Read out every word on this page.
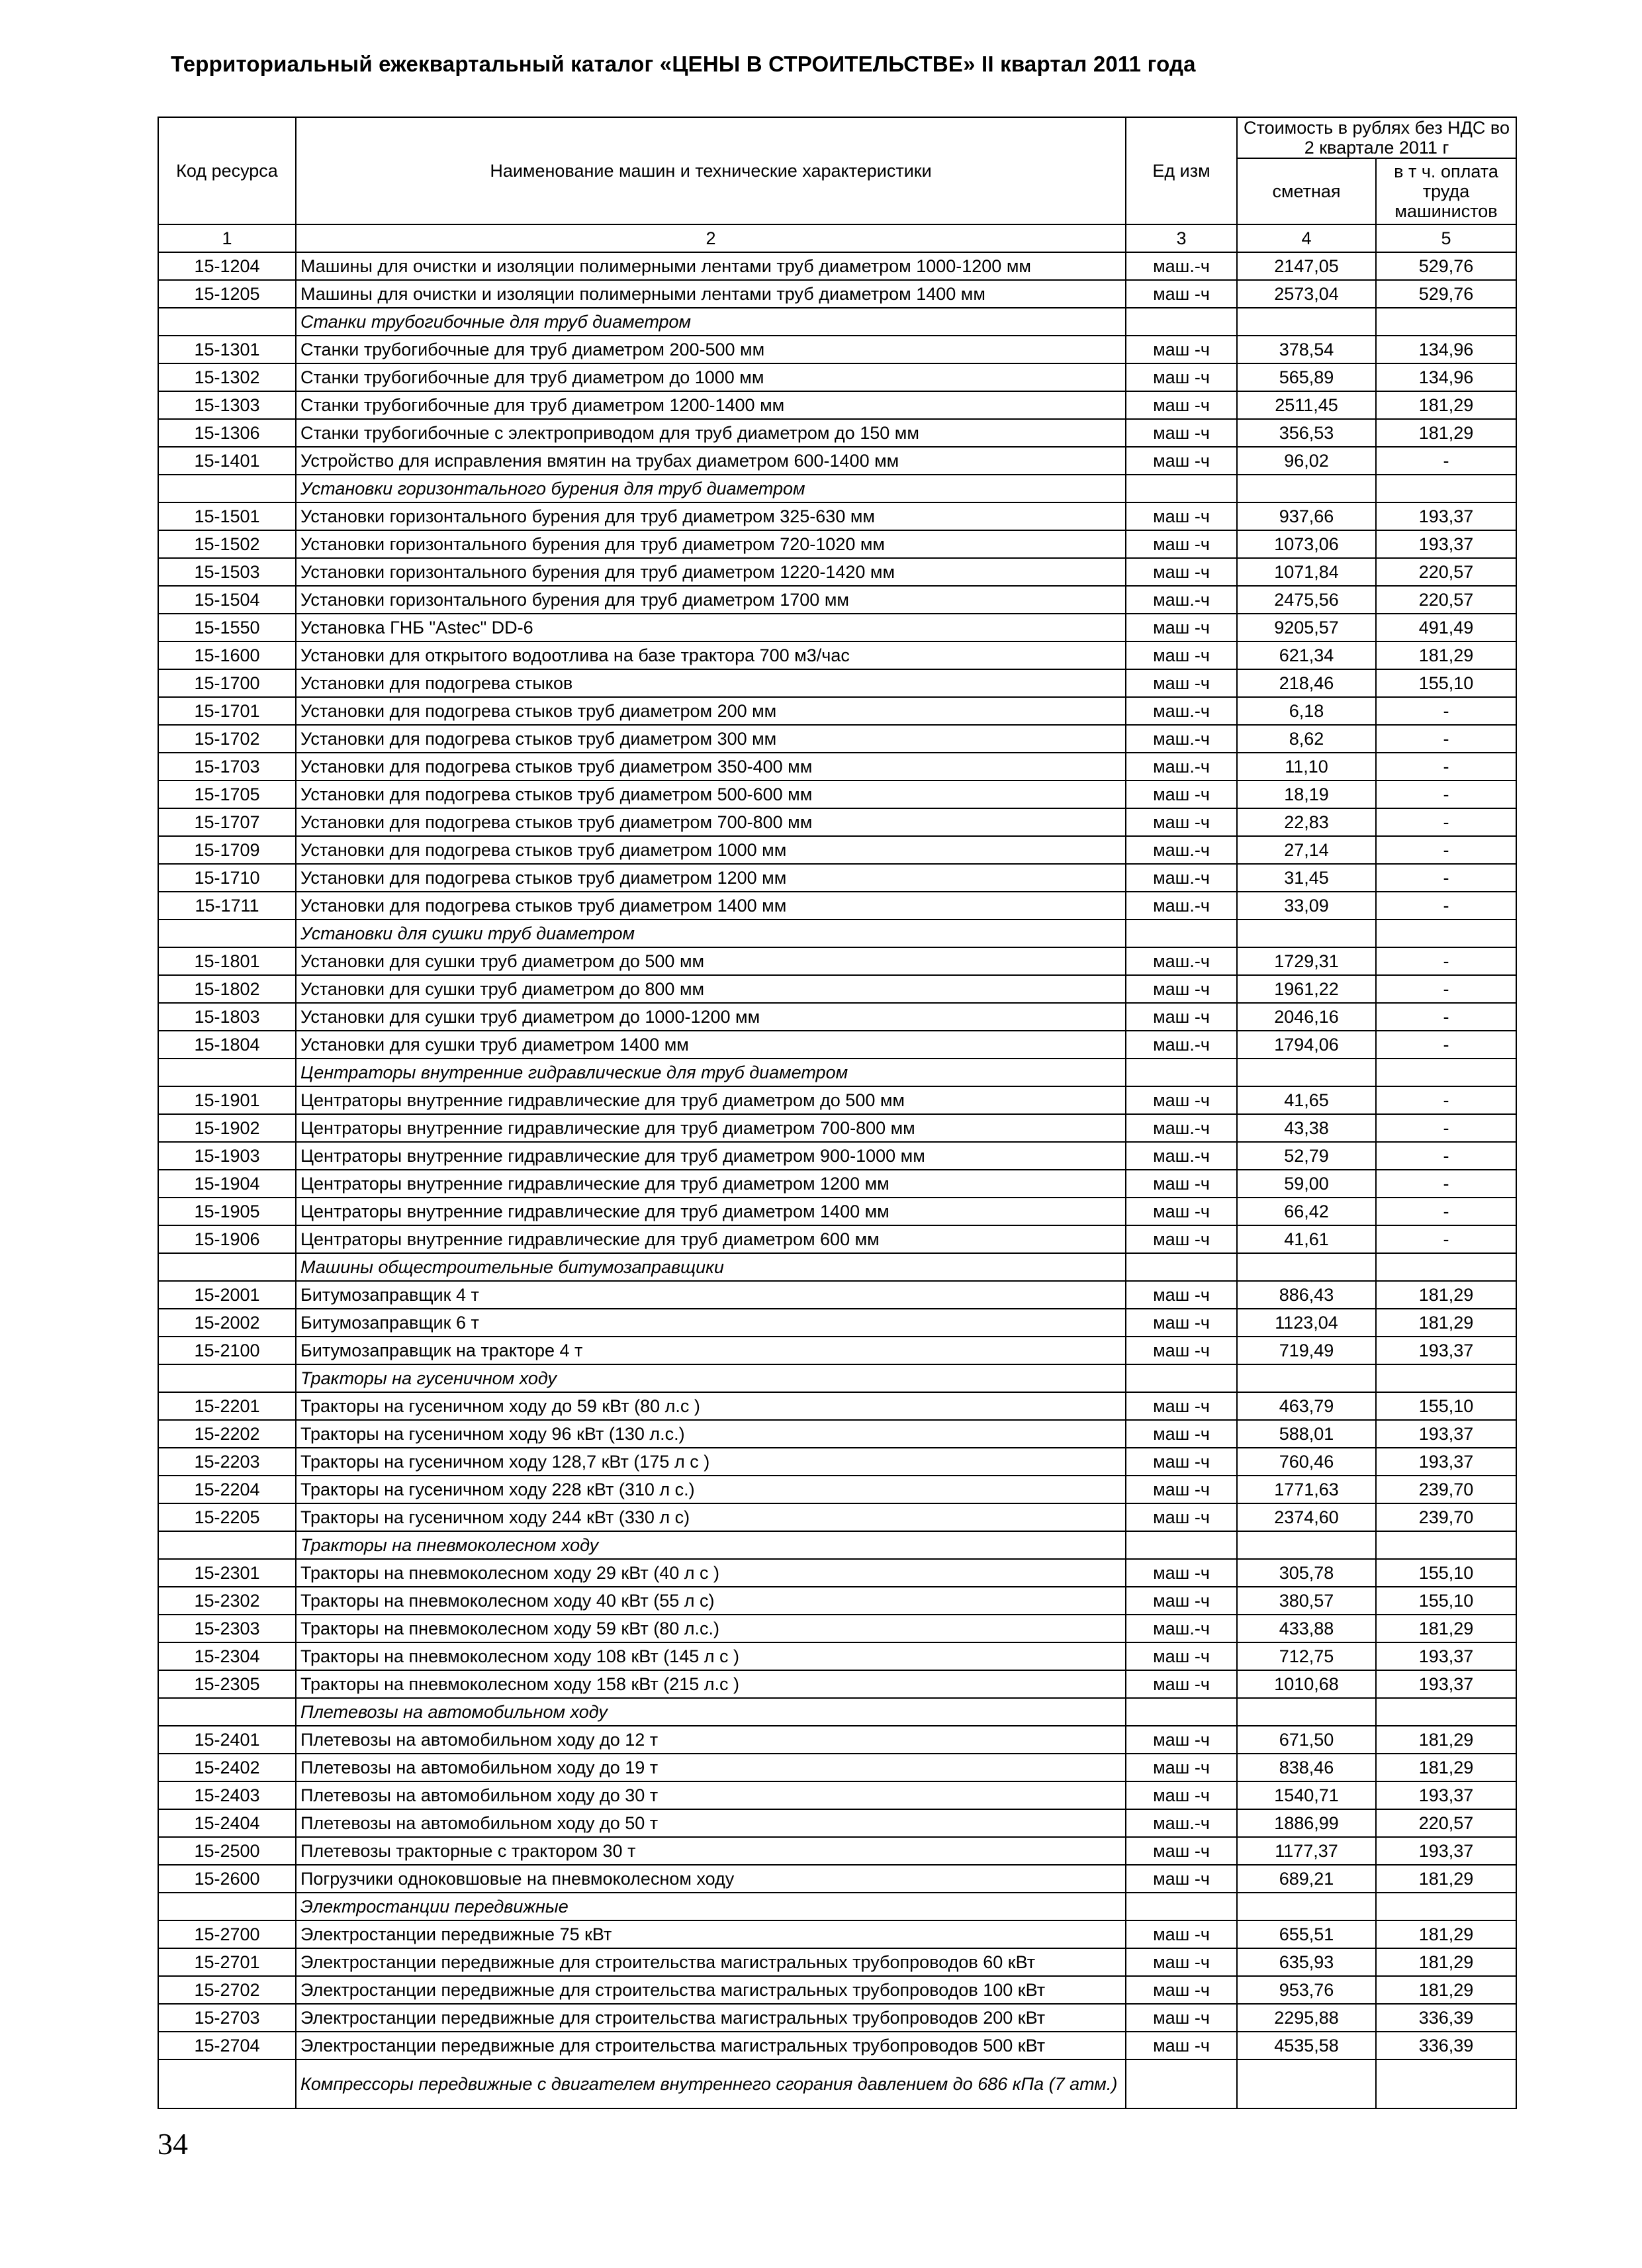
Территориальный ежеквартальный каталог «ЦЕНЫ В СТРОИТЕЛЬСТВЕ» II квартал 2011 года
Код ресурса	Наименование машин и технические характеристики	Ед изм	Стоимость в рублях без НДС во 2 квартале 2011 г	
			сметная	в т ч. оплата труда машинистов
1	2	3	4	5
15-1204	Машины для очистки и изоляции полимерными лентами труб диаметром 1000-1200 мм	маш.-ч	2147,05	529,76
15-1205	Машины для очистки и изоляции полимерными лентами труб диаметром 1400 мм	маш -ч	2573,04	529,76
	Станки трубогибочные для труб диаметром			
15-1301	Станки трубогибочные для труб диаметром 200-500 мм	маш -ч	378,54	134,96
15-1302	Станки трубогибочные для труб диаметром до 1000 мм	маш -ч	565,89	134,96
15-1303	Станки трубогибочные для труб диаметром 1200-1400 мм	маш -ч	2511,45	181,29
15-1306	Станки трубогибочные с электроприводом для труб диаметром до 150 мм	маш -ч	356,53	181,29
15-1401	Устройство для исправления вмятин на трубах диаметром 600-1400 мм	маш -ч	96,02	-
	Установки горизонтального бурения для труб диаметром			
15-1501	Установки горизонтального бурения для труб диаметром 325-630 мм	маш -ч	937,66	193,37
15-1502	Установки горизонтального бурения для труб диаметром 720-1020 мм	маш -ч	1073,06	193,37
15-1503	Установки горизонтального бурения для труб диаметром 1220-1420 мм	маш -ч	1071,84	220,57
15-1504	Установки горизонтального бурения для труб диаметром 1700 мм	маш.-ч	2475,56	220,57
15-1550	Установка ГНБ "Astec" DD-6	маш -ч	9205,57	491,49
15-1600	Установки для открытого водоотлива на базе трактора 700 м3/час	маш -ч	621,34	181,29
15-1700	Установки для подогрева стыков	маш -ч	218,46	155,10
15-1701	Установки для подогрева стыков труб диаметром 200 мм	маш.-ч	6,18	-
15-1702	Установки для подогрева стыков труб диаметром 300 мм	маш.-ч	8,62	-
15-1703	Установки для подогрева стыков труб диаметром 350-400 мм	маш.-ч	11,10	-
15-1705	Установки для подогрева стыков труб диаметром 500-600 мм	маш -ч	18,19	-
15-1707	Установки для подогрева стыков труб диаметром 700-800 мм	маш -ч	22,83	-
15-1709	Установки для подогрева стыков труб диаметром 1000 мм	маш.-ч	27,14	-
15-1710	Установки для подогрева стыков труб диаметром 1200 мм	маш.-ч	31,45	-
15-1711	Установки для подогрева стыков труб диаметром 1400 мм	маш.-ч	33,09	-
	Установки для сушки труб диаметром			
15-1801	Установки для сушки труб диаметром до 500 мм	маш.-ч	1729,31	-
15-1802	Установки для сушки труб диаметром до 800 мм	маш -ч	1961,22	-
15-1803	Установки для сушки труб диаметром до 1000-1200 мм	маш -ч	2046,16	-
15-1804	Установки для сушки труб диаметром 1400 мм	маш.-ч	1794,06	-
	Центраторы внутренние гидравлические для труб диаметром			
15-1901	Центраторы внутренние гидравлические для труб диаметром до 500 мм	маш -ч	41,65	-
15-1902	Центраторы внутренние гидравлические для труб диаметром 700-800 мм	маш.-ч	43,38	-
15-1903	Центраторы внутренние гидравлические для труб диаметром 900-1000 мм	маш.-ч	52,79	-
15-1904	Центраторы внутренние гидравлические для труб диаметром 1200 мм	маш -ч	59,00	-
15-1905	Центраторы внутренние гидравлические для труб диаметром 1400 мм	маш -ч	66,42	-
15-1906	Центраторы внутренние гидравлические для труб диаметром 600 мм	маш -ч	41,61	-
	Машины общестроительные битумозаправщики			
15-2001	Битумозаправщик 4 т	маш -ч	886,43	181,29
15-2002	Битумозаправщик 6 т	маш -ч	1123,04	181,29
15-2100	Битумозаправщик на тракторе 4 т	маш -ч	719,49	193,37
	Тракторы на гусеничном ходу			
15-2201	Тракторы на гусеничном ходу до 59 кВт (80 л.с )	маш -ч	463,79	155,10
15-2202	Тракторы на гусеничном ходу 96 кВт (130 л.с.)	маш -ч	588,01	193,37
15-2203	Тракторы на гусеничном ходу 128,7 кВт (175 л с )	маш -ч	760,46	193,37
15-2204	Тракторы на гусеничном ходу 228 кВт (310 л с.)	маш -ч	1771,63	239,70
15-2205	Тракторы на гусеничном ходу 244 кВт (330 л с)	маш -ч	2374,60	239,70
	Тракторы на пневмоколесном ходу			
15-2301	Тракторы на пневмоколесном ходу 29 кВт (40 л с )	маш -ч	305,78	155,10
15-2302	Тракторы на пневмоколесном ходу 40 кВт (55 л с)	маш -ч	380,57	155,10
15-2303	Тракторы на пневмоколесном ходу 59 кВт (80 л.с.)	маш.-ч	433,88	181,29
15-2304	Тракторы на пневмоколесном ходу 108 кВт (145 л с )	маш -ч	712,75	193,37
15-2305	Тракторы на пневмоколесном ходу 158 кВт (215 л.с )	маш -ч	1010,68	193,37
	Плетевозы на автомобильном ходу			
15-2401	Плетевозы на автомобильном ходу до 12 т	маш -ч	671,50	181,29
15-2402	Плетевозы на автомобильном ходу до 19 т	маш -ч	838,46	181,29
15-2403	Плетевозы на автомобильном ходу до 30 т	маш -ч	1540,71	193,37
15-2404	Плетевозы на автомобильном ходу до 50 т	маш.-ч	1886,99	220,57
15-2500	Плетевозы тракторные с трактором 30 т	маш -ч	1177,37	193,37
15-2600	Погрузчики одноковшовые на пневмоколесном ходу	маш -ч	689,21	181,29
	Электростанции передвижные			
15-2700	Электростанции передвижные 75 кВт	маш -ч	655,51	181,29
15-2701	Электростанции передвижные для строительства магистральных трубопроводов 60 кВт	маш -ч	635,93	181,29
15-2702	Электростанции передвижные для строительства магистральных трубопроводов 100 кВт	маш -ч	953,76	181,29
15-2703	Электростанции передвижные для строительства магистральных трубопроводов 200 кВт	маш -ч	2295,88	336,39
15-2704	Электростанции передвижные для строительства магистральных трубопроводов 500 кВт	маш -ч	4535,58	336,39
	Компрессоры передвижные с двигателем внутреннего сгорания давлением до 686 кПа (7 атм.)			
34
